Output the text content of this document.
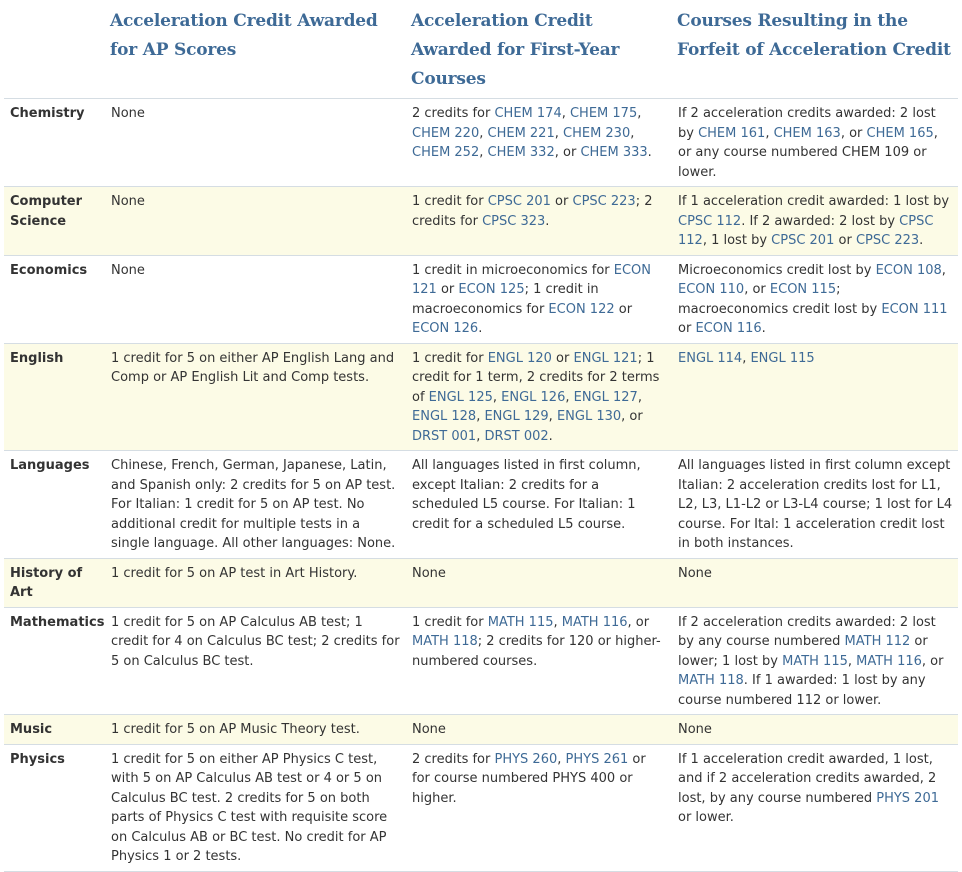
	Acceleration Credit Awarded for AP Scores	Acceleration Credit Awarded for First-Year Courses	Courses Resulting in the Forfeit of Acceleration Credit
Chemistry	None	2 credits for CHEM 174, CHEM 175, CHEM 220, CHEM 221, CHEM 230, CHEM 252, CHEM 332, or CHEM 333.	If 2 acceleration credits awarded: 2 lost by CHEM 161, CHEM 163, or CHEM 165, or any course numbered CHEM 109 or lower.
Computer Science	None	1 credit for CPSC 201 or CPSC 223; 2 credits for CPSC 323.	If 1 acceleration credit awarded: 1 lost by CPSC 112. If 2 awarded: 2 lost by CPSC 112, 1 lost by CPSC 201 or CPSC 223.
Economics	None	1 credit in microeconomics for ECON 121 or ECON 125; 1 credit in macroeconomics for ECON 122 or ECON 126.	Microeconomics credit lost by ECON 108, ECON 110, or ECON 115; macroeconomics credit lost by ECON 111 or ECON 116.
English	1 credit for 5 on either AP English Lang and Comp or AP English Lit and Comp tests.	1 credit for ENGL 120 or ENGL 121; 1 credit for 1 term, 2 credits for 2 terms of ENGL 125, ENGL 126, ENGL 127, ENGL 128, ENGL 129, ENGL 130, or DRST 001, DRST 002.	ENGL 114, ENGL 115
Languages	Chinese, French, German, Japanese, Latin, and Spanish only: 2 credits for 5 on AP test. For Italian: 1 credit for 5 on AP test. No additional credit for multiple tests in a single language. All other languages: None.	All languages listed in first column, except Italian: 2 credits for a scheduled L5 course. For Italian: 1 credit for a scheduled L5 course.	All languages listed in first column except Italian: 2 acceleration credits lost for L1, L2, L3, L1-L2 or L3-L4 course; 1 lost for L4 course. For Ital: 1 acceleration credit lost in both instances.
History of Art	1 credit for 5 on AP test in Art History.	None	None
Mathematics	1 credit for 5 on AP Calculus AB test; 1 credit for 4 on Calculus BC test; 2 credits for 5 on Calculus BC test.	1 credit for MATH 115, MATH 116, or MATH 118; 2 credits for 120 or higher-numbered courses.	If 2 acceleration credits awarded: 2 lost by any course numbered MATH 112 or lower; 1 lost by MATH 115, MATH 116, or MATH 118. If 1 awarded: 1 lost by any course numbered 112 or lower.
Music	1 credit for 5 on AP Music Theory test.	None	None
Physics	1 credit for 5 on either AP Physics C test, with 5 on AP Calculus AB test or 4 or 5 on Calculus BC test. 2 credits for 5 on both parts of Physics C test with requisite score on Calculus AB or BC test. No credit for AP Physics 1 or 2 tests.	2 credits for PHYS 260, PHYS 261 or for course numbered PHYS 400 or higher.	If 1 acceleration credit awarded, 1 lost, and if 2 acceleration credits awarded, 2 lost, by any course numbered PHYS 201 or lower.
